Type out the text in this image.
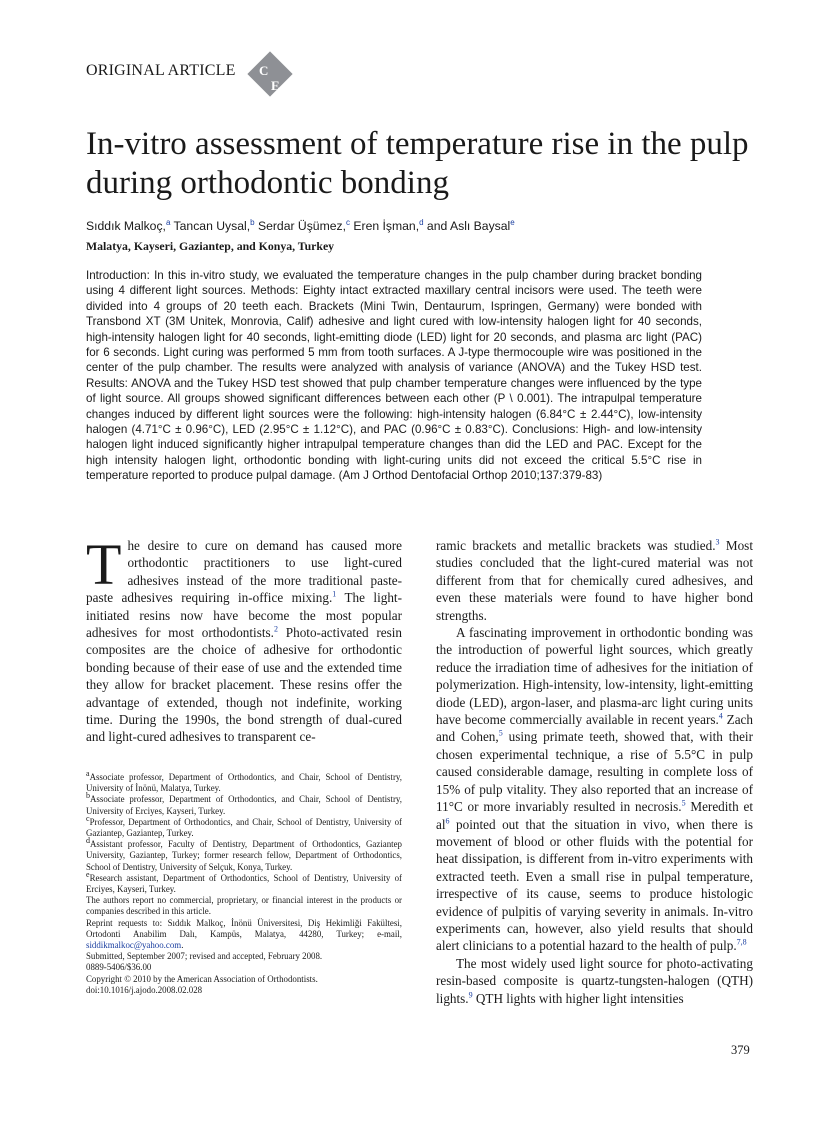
ORIGINAL ARTICLE C
E
In-vitro assessment of temperature rise in the pulp during orthodontic bonding
Sıddık Malkoç,$^a$ Tancan Uysal,$^b$ Serdar Üşümez,$^c$ Eren İşman,$^d$ and Aslı Baysal$^e$
Malatya, Kayseri, Gaziantep, and Konya, Turkey
Introduction: In this in-vitro study, we evaluated the temperature changes in the pulp chamber during bracket bonding using 4 different light sources. Methods: Eighty intact extracted maxillary central incisors were used. The teeth were divided into 4 groups of 20 teeth each. Brackets (Mini Twin, Dentaurum, Ispringen, Germany) were bonded with Transbond XT (3M Unitek, Monrovia, Calif) adhesive and light cured with low-intensity halogen light for 40 seconds, high-intensity halogen light for 40 seconds, light-emitting diode (LED) light for 20 seconds, and plasma arc light (PAC) for 6 seconds. Light curing was performed 5 mm from tooth surfaces. A J-type thermocouple wire was positioned in the center of the pulp chamber. The results were analyzed with analysis of variance (ANOVA) and the Tukey HSD test. Results: ANOVA and the Tukey HSD test showed that pulp chamber temperature changes were influenced by the type of light source. All groups showed significant differences between each other (P \ 0.001). The intrapulpal temperature changes induced by different light sources were the following: high-intensity halogen (6.84°C ± 2.44°C), low-intensity halogen (4.71°C ± 0.96°C), LED (2.95°C ± 1.12°C), and PAC (0.96°C ± 0.83°C). Conclusions: High- and low-intensity halogen light induced significantly higher intrapulpal temperature changes than did the LED and PAC. Except for the high intensity halogen light, orthodontic bonding with light-curing units did not exceed the critical 5.5°C rise in temperature reported to produce pulpal damage. (Am J Orthod Dentofacial Orthop 2010;137:379-83)

The desire to cure on demand has caused more orthodontic practitioners to use light-cured adhesives instead of the more traditional paste-paste adhesives requiring in-office mixing.$^1$ The light-initiated resins now have become the most popular adhesives for most orthodontists.$^2$ Photo-activated resin composites are the choice of adhesive for orthodontic bonding because of their ease of use and the extended time they allow for bracket placement. These resins offer the advantage of extended, though not indefinite, working time. During the 1990s, the bond strength of dual-cured and light-cured adhesives to transparent ce-

ramic brackets and metallic brackets was studied.$^3$ Most studies concluded that the light-cured material was not different from that for chemically cured adhesives, and even these materials were found to have higher bond strengths.

A fascinating improvement in orthodontic bonding was the introduction of powerful light sources, which greatly reduce the irradiation time of adhesives for the initiation of polymerization. High-intensity, low-intensity, light-emitting diode (LED), argon-laser, and plasma-arc light curing units have become commercially available in recent years.$^4$ Zach and Cohen,$^5$ using primate teeth, showed that, with their chosen experimental technique, a rise of 5.5°C in pulp caused considerable damage, resulting in complete loss of 15% of pulp vitality. They also reported that an increase of 11°C or more invariably resulted in necrosis.$^5$ Meredith et $al^6$ pointed out that the situation in vivo, when there is movement of blood or other fluids with the potential for heat dissipation, is different from in-vitro experiments with extracted teeth. Even a small rise in pulpal temperature, irrespective of its cause, seems to produce histologic evidence of pulpitis of varying severity in animals. In-vitro experiments can, however, also yield results that should alert clinicians to a potential hazard to the health of pulp.$^{7,8}$

The most widely used light source for photo-activating resin-based composite is quartz-tungsten-halogen (QTH) lights.$^9$ QTH lights with higher light intensities

$^a$Associate professor, Department of Orthodontics, and Chair, School of Dentistry, University of İnönü, Malatya, Turkey.

$^b$Associate professor, Department of Orthodontics, and Chair, School of Dentistry, University of Erciyes, Kayseri, Turkey.

$^c$Professor, Department of Orthodontics, and Chair, School of Dentistry, University of Gaziantep, Gaziantep, Turkey.

$^d$Assistant professor, Faculty of Dentistry, Department of Orthodontics, Gaziantep University, Gaziantep, Turkey; former research fellow, Department of Orthodontics, School of Dentistry, University of Selçuk, Konya, Turkey.

$^e$Research assistant, Department of Orthodontics, School of Dentistry, University of Erciyes, Kayseri, Turkey.

The authors report no commercial, proprietary, or financial interest in the products or companies described in this article.

Reprint requests to: Sıddık Malkoç, İnönü Üniversitesi, Diş Hekimliği Fakültesi, Ortodonti Anabilim Dalı, Kampüs, Malatya, 44280, Turkey; e-mail, siddikmalkoc@yahoo.com.

Submitted, September 2007; revised and accepted, February 2008.

0889-5406/$36.00

Copyright © 2010 by the American Association of Orthodontists.

doi:10.1016/j.ajodo.2008.02.028

379
